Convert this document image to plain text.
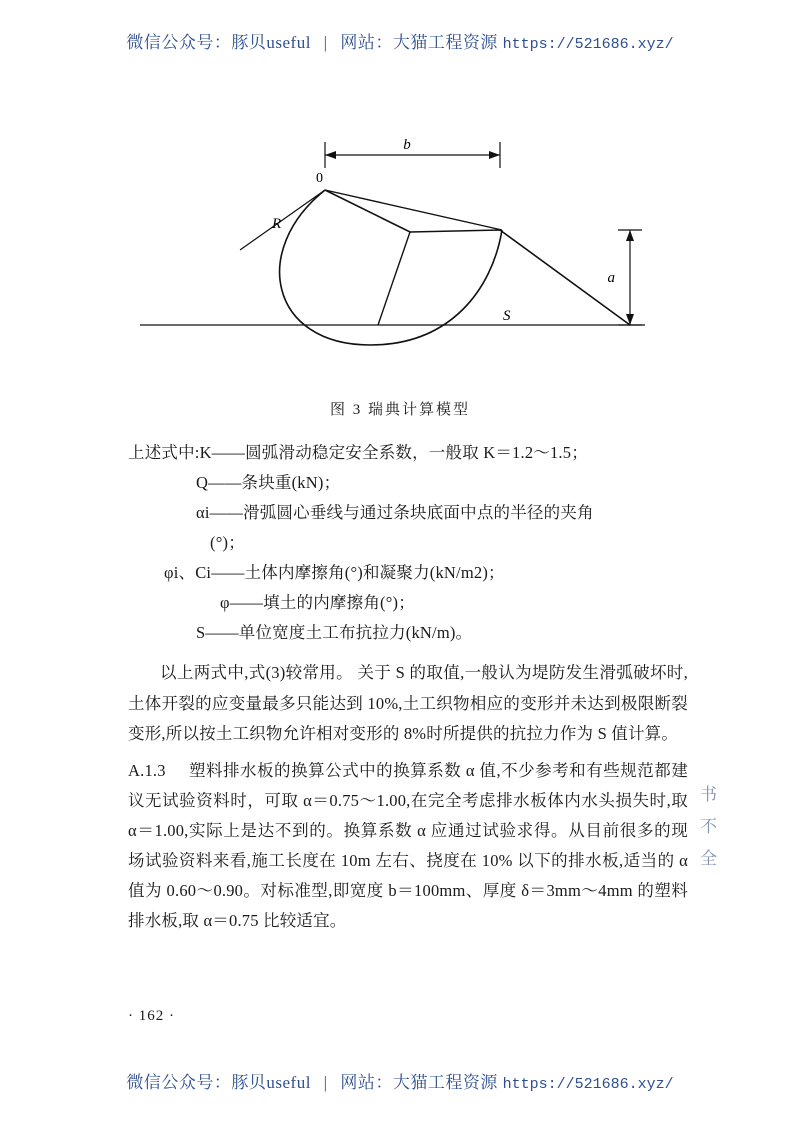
微信公众号：豚贝useful | 网站：大猫工程资源 https://521686.xyz/
b
R
0
S
a
图 3 瑞典计算模型
上述式中:K——圆弧滑动稳定安全系数，一般取 K＝1.2～1.5；
Q——条块重(kN)；
αi——滑弧圆心垂线与通过条块底面中点的半径的夹角
(°)；
φi、Ci——土体内摩擦角(°)和凝聚力(kN/m2)；
φ——填土的内摩擦角(°)；
S——单位宽度土工布抗拉力(kN/m)。
以上两式中,式(3)较常用。 关于 S 的取值,一般认为堤防发生滑弧破坏时,土体开裂的应变量最多只能达到 10%,土工织物相应的变形并未达到极限断裂变形,所以按土工织物允许相对变形的 8%时所提供的抗拉力作为 S 值计算。
A.1.3 塑料排水板的换算公式中的换算系数 α 值,不少参考和有些规范都建议无试验资料时，可取 α＝0.75～1.00,在完全考虑排水板体内水头损失时,取 α＝1.00,实际上是达不到的。换算系数 α 应通过试验求得。从目前很多的现场试验资料来看,施工长度在 10m 左右、挠度在 10% 以下的排水板,适当的 α 值为 0.60～0.90。对标准型,即宽度 b＝100mm、厚度 δ＝3mm～4mm 的塑料排水板,取 α＝0.75 比较适宜。
书
不
全
· 162 ·
微信公众号：豚贝useful | 网站：大猫工程资源 https://521686.xyz/
